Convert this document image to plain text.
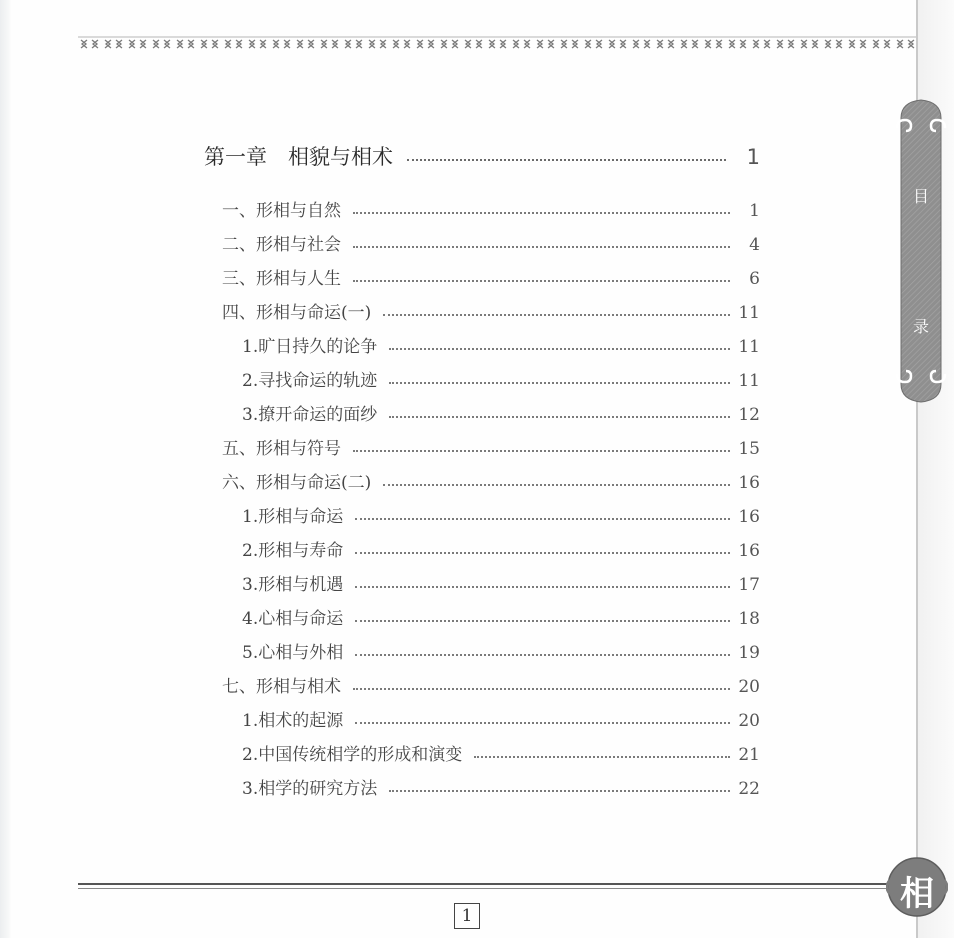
目
录
第一章　相貌与相术	1
一、形相与自然	1
二、形相与社会	4
三、形相与人生	6
四、形相与命运(一)	11
1.旷日持久的论争	11
2.寻找命运的轨迹	11
3.撩开命运的面纱	12
五、形相与符号	15
六、形相与命运(二)	16
1.形相与命运	16
2.形相与寿命	16
3.形相与机遇	17
4.心相与命运	18
5.心相与外相	19
七、形相与相术	20
1.相术的起源	20
2.中国传统相学的形成和演变	21
3.相学的研究方法	22
相
1
